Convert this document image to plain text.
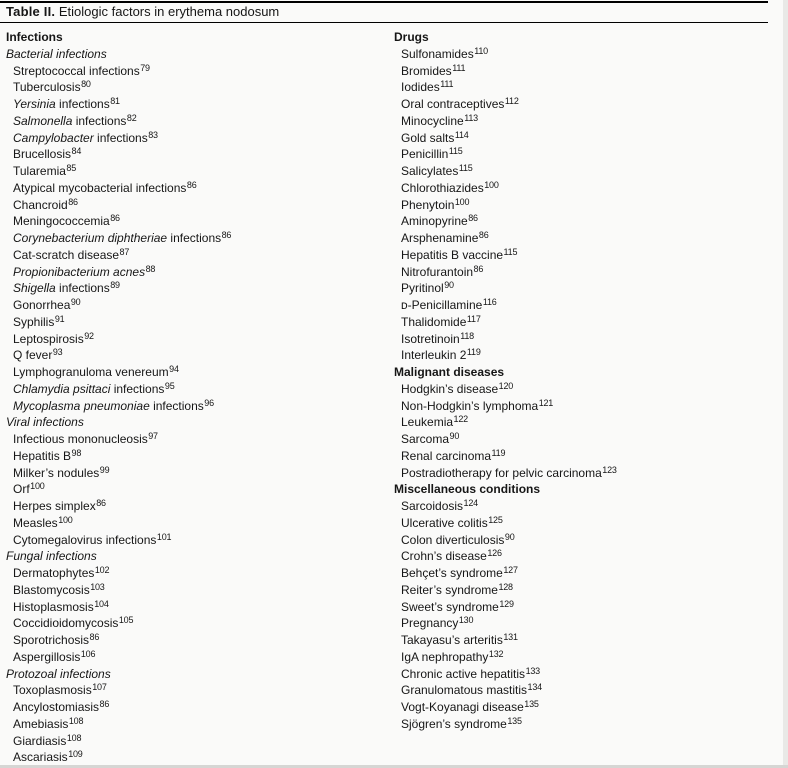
Table II. Etiologic factors in erythema nodosum
Infections
Bacterial infections
Streptococcal infections$^{79}$
Tuberculosis$^{80}$
Yersinia infections$^{81}$
Salmonella infections$^{82}$
Campylobacter infections$^{83}$
Brucellosis$^{84}$
Tularemia$^{85}$
Atypical mycobacterial infections$^{86}$
Chancroid$^{86}$
Meningococcemia$^{86}$
Corynebacterium diphtheriae infections$^{86}$
Cat-scratch disease$^{87}$
Propionibacterium acnes$^{88}$
Shigella infections$^{89}$
Gonorrhea$^{90}$
Syphilis$^{91}$
Leptospirosis$^{92}$
Q fever$^{93}$
Lymphogranuloma venereum$^{94}$
Chlamydia psittaci infections$^{95}$
Mycoplasma pneumoniae infections$^{96}$
Viral infections
Infectious mononucleosis$^{97}$
Hepatitis B$^{98}$
Milker’s nodules$^{99}$
Orf$^{100}$
Herpes simplex$^{86}$
Measles$^{100}$
Cytomegalovirus infections$^{101}$
Fungal infections
Dermatophytes$^{102}$
Blastomycosis$^{103}$
Histoplasmosis$^{104}$
Coccidioidomycosis$^{105}$
Sporotrichosis$^{86}$
Aspergillosis$^{106}$
Protozoal infections
Toxoplasmosis$^{107}$
Ancylostomiasis$^{86}$
Amebiasis$^{108}$
Giardiasis$^{108}$
Ascariasis$^{109}$
Drugs
Sulfonamides$^{110}$
Bromides$^{111}$
Iodides$^{111}$
Oral contraceptives$^{112}$
Minocycline$^{113}$
Gold salts$^{114}$
Penicillin$^{115}$
Salicylates$^{115}$
Chlorothiazides$^{100}$
Phenytoin$^{100}$
Aminopyrine$^{86}$
Arsphenamine$^{86}$
Hepatitis B vaccine$^{115}$
Nitrofurantoin$^{86}$
Pyritinol$^{90}$
ᴅ-Penicillamine$^{116}$
Thalidomide$^{117}$
Isotretinoin$^{118}$
Interleukin 2$^{119}$
Malignant diseases
Hodgkin’s disease$^{120}$
Non-Hodgkin’s lymphoma$^{121}$
Leukemia$^{122}$
Sarcoma$^{90}$
Renal carcinoma$^{119}$
Postradiotherapy for pelvic carcinoma$^{123}$
Miscellaneous conditions
Sarcoidosis$^{124}$
Ulcerative colitis$^{125}$
Colon diverticulosis$^{90}$
Crohn’s disease$^{126}$
Behçet’s syndrome$^{127}$
Reiter’s syndrome$^{128}$
Sweet’s syndrome$^{129}$
Pregnancy$^{130}$
Takayasu’s arteritis$^{131}$
IgA nephropathy$^{132}$
Chronic active hepatitis$^{133}$
Granulomatous mastitis$^{134}$
Vogt-Koyanagi disease$^{135}$
Sjögren’s syndrome$^{135}$
